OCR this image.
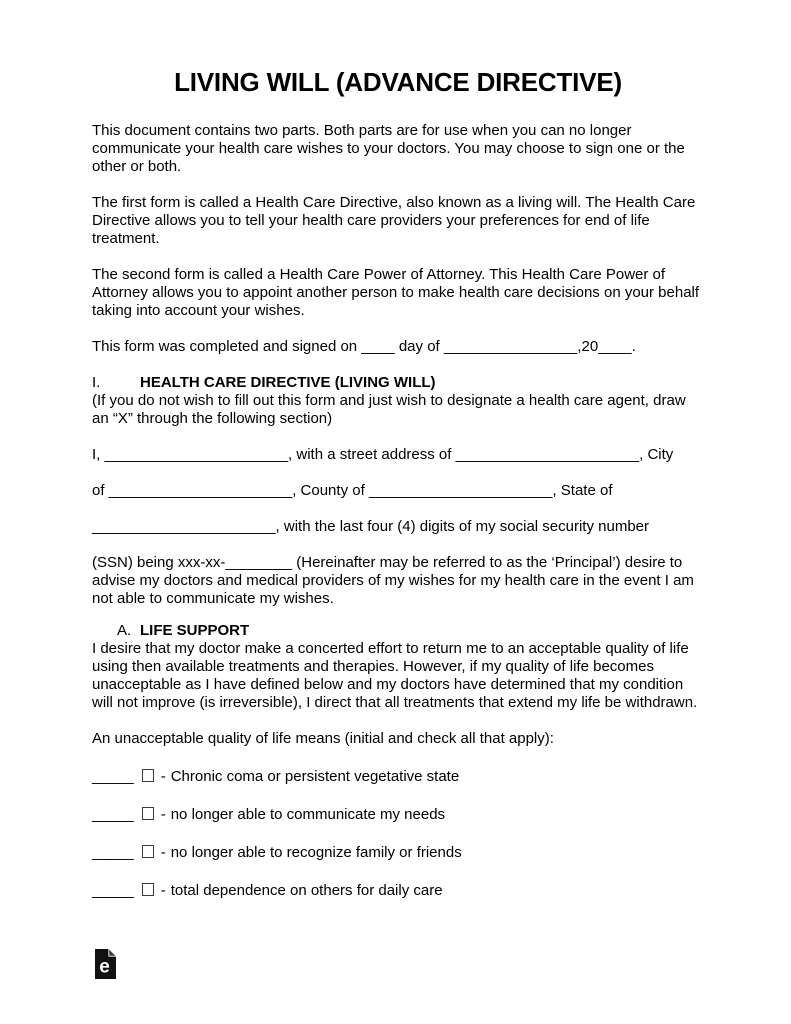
LIVING WILL (ADVANCE DIRECTIVE)

This document contains two parts. Both parts are for use when you can no longer communicate your health care wishes to your doctors. You may choose to sign one or the other or both.

The first form is called a Health Care Directive, also known as a living will. The Health Care Directive allows you to tell your health care providers your preferences for end of life treatment.

The second form is called a Health Care Power of Attorney. This Health Care Power of Attorney allows you to appoint another person to make health care decisions on your behalf taking into account your wishes.

This form was completed and signed on ____ day of ________________,20____.

I.	HEALTH CARE DIRECTIVE (LIVING WILL)

(If you do not wish to fill out this form and just wish to designate a health care agent, draw an “X” through the following section)

I, ______________________, with a street address of ______________________, City
of ______________________, County of ______________________, State of
______________________, with the last four (4) digits of my social security number

(SSN) being xxx-xx-________ (Hereinafter may be referred to as the ‘Principal’) desire to advise my doctors and medical providers of my wishes for my health care in the event I am not able to communicate my wishes.

A. LIFE SUPPORT

I desire that my doctor make a concerted effort to return me to an acceptable quality of life using then available treatments and therapies. However, if my quality of life becomes unacceptable as I have defined below and my doctors have determined that my condition will not improve (is irreversible), I direct that all treatments that extend my life be withdrawn.

An unacceptable quality of life means (initial and check all that apply):

_____ - Chronic coma or persistent vegetative state
_____ - no longer able to communicate my needs
_____ - no longer able to recognize family or friends
_____ - total dependence on others for daily care
e
